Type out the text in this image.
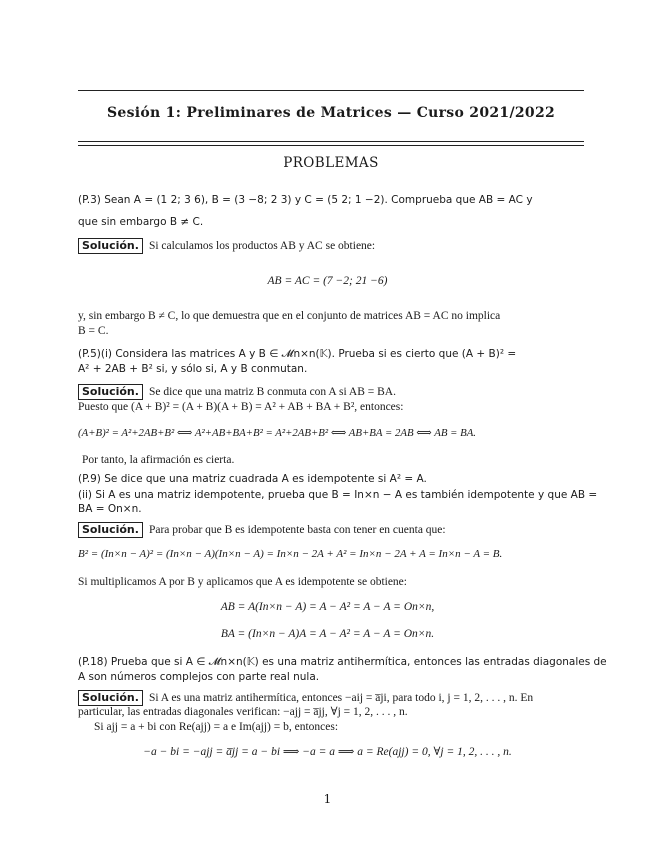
Sesión 1: Preliminares de Matrices — Curso 2021/2022
PROBLEMAS
(P.3) Sean A = (1 2; 3 6), B = (3 −8; 2 3) y C = (5 2; 1 −2). Comprueba que AB = AC y
que sin embargo B ≠ C.
Solución. Si calculamos los productos AB y AC se obtiene:
AB = AC = (7 −2; 21 −6)
y, sin embargo B ≠ C, lo que demuestra que en el conjunto de matrices AB = AC no implica
B = C.
(P.5)(i) Considera las matrices A y B ∈ 𝓜n×n(𝕂). Prueba si es cierto que (A + B)² =
A² + 2AB + B² si, y sólo si, A y B conmutan.
Solución. Se dice que una matriz B conmuta con A si AB = BA.
Puesto que (A + B)² = (A + B)(A + B) = A² + AB + BA + B², entonces:
(A+B)² = A²+2AB+B² ⟺ A²+AB+BA+B² = A²+2AB+B² ⟺ AB+BA = 2AB ⟺ AB = BA.
Por tanto, la afirmación es cierta.
(P.9) Se dice que una matriz cuadrada A es idempotente si A² = A.
(ii) Si A es una matriz idempotente, prueba que B = In×n − A es también idempotente y que AB =
BA = On×n.
Solución. Para probar que B es idempotente basta con tener en cuenta que:
B² = (In×n − A)² = (In×n − A)(In×n − A) = In×n − 2A + A² = In×n − 2A + A = In×n − A = B.
Si multiplicamos A por B y aplicamos que A es idempotente se obtiene:
AB = A(In×n − A) = A − A² = A − A = On×n,
BA = (In×n − A)A = A − A² = A − A = On×n.
(P.18) Prueba que si A ∈ 𝓜n×n(𝕂) es una matriz antihermítica, entonces las entradas diagonales de
A son números complejos con parte real nula.
Solución. Si A es una matriz antihermítica, entonces −aij = a̅ji, para todo i, j = 1, 2, . . . , n. En
particular, las entradas diagonales verifican: −ajj = a̅jj, ∀j = 1, 2, . . . , n.
Si ajj = a + bi con Re(ajj) = a e Im(ajj) = b, entonces:
−a − bi = −ajj = a̅jj = a − bi ⟹ −a = a ⟹ a = Re(ajj) = 0, ∀j = 1, 2, . . . , n.
1
